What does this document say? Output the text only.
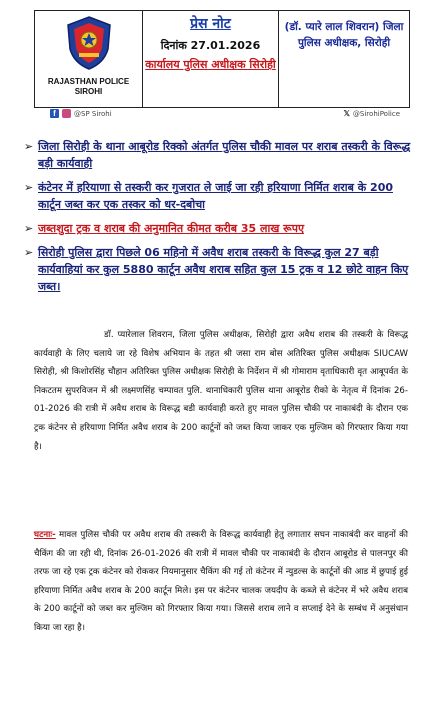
RAJASTHAN POLICE
SIROHI
प्रेस नोट
दिनांक 27.01.2026
कार्यालय पुलिस अधीक्षक सिरोही
(डॉ. प्यारे लाल शिवरान) जिला पुलिस अधीक्षक, सिरोही
f	@SP Sirohi	𝕏 @SirohiPolice
➢ जिला सिरोही के थाना आबूरोड रिक्को अंतर्गत पुलिस चौकी मावल पर शराब तस्करी के विरूद्ध बड़ी कार्यवाही
➢ कंटेनर में हरियाणा से तस्करी कर गुजरात ले जाई जा रही हरियाणा निर्मित शराब के 200 कार्टून जब्त कर एक तस्कर को धर-दबोचा
➢ जब्तशुदा ट्रक व शराब की अनुमानित कीमत करीब 35 लाख रूपए
➢ सिरोही पुलिस द्वारा पिछले 06 महिनो में अवैध शराब तस्करी के विरूद्ध कुल 27 बड़ी कार्यवाहियां कर कुल 5880 कार्टून अवैध शराब सहित कुल 15 ट्रक व 12 छोटे वाहन किए जब्त।
डॉ. प्यारेलाल शिवरान, जिला पुलिस अधीक्षक, सिरोही द्वारा अवैध शराब की तस्करी के विरूद्ध कार्यवाही के लिए चलाये जा रहे विशेष अभियान के तहत श्री जसा राम बोस अतिरिक्त पुलिस अधीक्षक SIUCAW सिरोही, श्री किशोरसिंह चौहान अतिरिक्त पुलिस अधीक्षक सिरोही के निर्देशन में श्री गोमाराम वृताधिकारी वृत आबूपर्वत के निकटतम सुपरविजन में श्री लक्ष्मणसिंह चम्पावत पुलि. थानाधिकारी पुलिस थाना आबूरोड रीको के नेतृत्व में दिनांक 26-01-2026 की रात्री में अवैध शराब के विरूद्ध बडी कार्यवाही करते हुए मावल पुलिस चौकी पर नाकाबंदी के दौरान एक ट्रक कंटेनर से हरियाणा निर्मित अवैध शराब के 200 कार्टूनों को जब्त किया जाकर एक मुल्जिम को गिरफ्तार किया गया है।
घटनाः- मावल पुलिस चौकी पर अवैध शराब की तस्करी के विरूद्ध कार्यवाही हेतु लगातार सघन नाकाबंदी कर वाहनों की चैकिंग की जा रही थी, दिनांक 26-01-2026 की रात्री में मावल चौकी पर नाकाबंदी के दौरान आबूरोड से पालनपुर की तरफ जा रहे एक ट्रक कंटेनर को रोककर नियमानुसार चैकिंग की गई तो कंटेनर में न्युडल्स के कार्टूनों की आड में छुपाई हुई हरियाणा निर्मित अवैध शराब के 200 कार्टून मिले। इस पर कंटेनर चालक जयदीप के कब्जे से कंटेनर में भरे अवैध शराब के 200 कार्टूनों को जब्त कर मुल्जिम को गिरफ्तार किया गया। जिससे शराब लाने व सप्लाई देने के सम्बंध में अनुसंधान किया जा रहा है।
